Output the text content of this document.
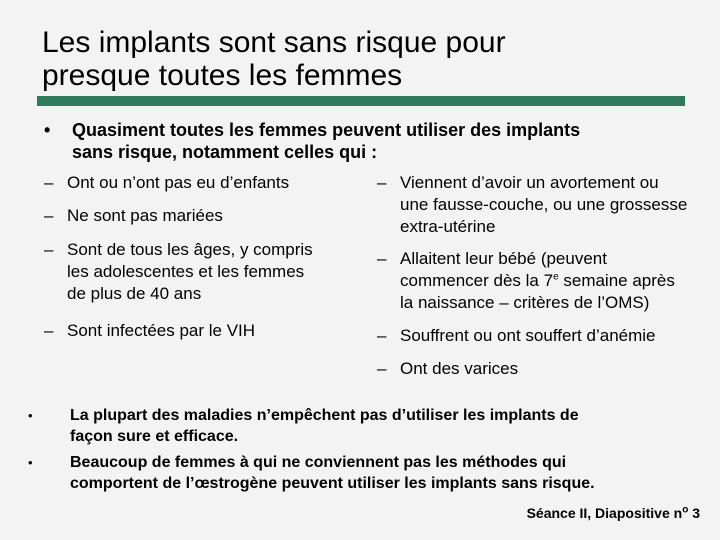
Les implants sont sans risque pour
presque toutes les femmes
• Quasiment toutes les femmes peuvent utiliser des implants
sans risque, notamment celles qui :
– Ont ou n’ont pas eu d’enfants
– Ne sont pas mariées
– Sont de tous les âges, y compris
les adolescentes et les femmes
de plus de 40 ans
– Sont infectées par le VIH
– Viennent d’avoir un avortement ou
une fausse-couche, ou une grossesse
extra-utérine
– Allaitent leur bébé (peuvent
commencer dès la 7e semaine après
la naissance – critères de l’OMS)
– Souffrent ou ont souffert d’anémie
– Ont des varices
• La plupart des maladies n’empêchent pas d’utiliser les implants de
façon sure et efficace.
• Beaucoup de femmes à qui ne conviennent pas les méthodes qui
comportent de l’œstrogène peuvent utiliser les implants sans risque.
Séance II, Diapositive $n^o$ 3
